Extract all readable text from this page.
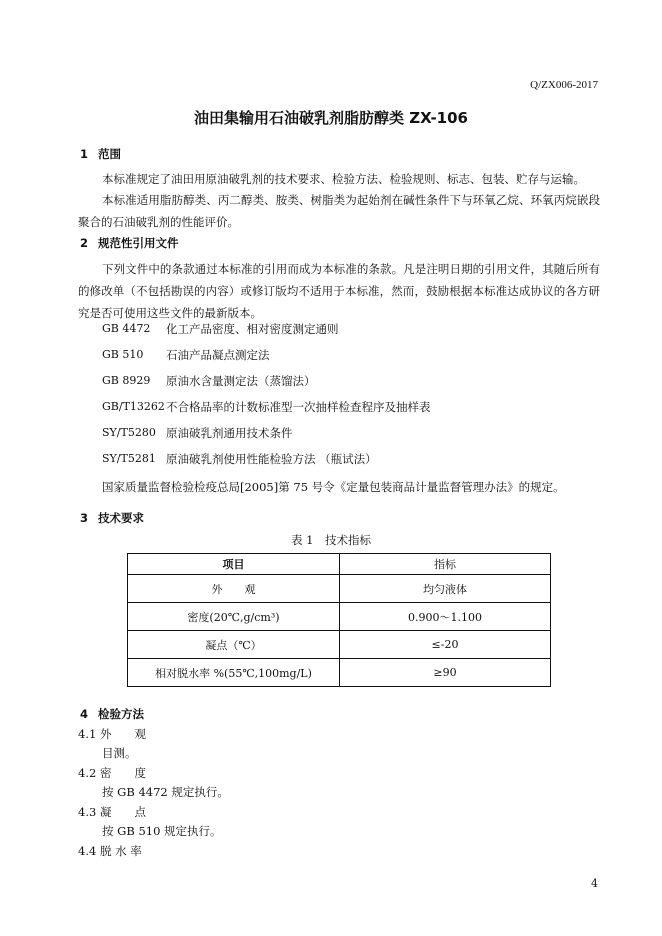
Q/ZX006-2017
油田集输用石油破乳剂脂肪醇类 ZX-106
1 范围
本标准规定了油田用原油破乳剂的技术要求、检验方法、检验规则、标志、包装、贮存与运输。
本标准适用脂肪醇类、丙二醇类、胺类、树脂类为起始剂在碱性条件下与环氧乙烷、环氧丙烷嵌段聚合的石油破乳剂的性能评价。
2 规范性引用文件
下列文件中的条款通过本标准的引用而成为本标准的条款。凡是注明日期的引用文件，其随后所有的修改单（不包括勘误的内容）或修订版均不适用于本标准，然而，鼓励根据本标准达成协议的各方研究是否可使用这些文件的最新版本。
GB 4472 化工产品密度、相对密度测定通则
GB 510 石油产品凝点测定法
GB 8929 原油水含量测定法（蒸馏法）
GB/T13262 不合格品率的计数标准型一次抽样检查程序及抽样表
SY/T5280 原油破乳剂通用技术条件
SY/T5281 原油破乳剂使用性能检验方法 （瓶试法）
国家质量监督检验检疫总局[2005]第 75 号令《定量包装商品计量监督管理办法》的规定。
3 技术要求
表 1　技术指标
项目	指标
外　　观	均匀液体
密度(20℃,g/cm³)	0.900～1.100
凝点（℃）	≤-20
相对脱水率 %(55℃,100mg/L)	≥90
4 检验方法
4.1 外　　观
目测。
4.2 密　　度
按 GB 4472 规定执行。
4.3 凝　　点
按 GB 510 规定执行。
4.4 脱 水 率
4
